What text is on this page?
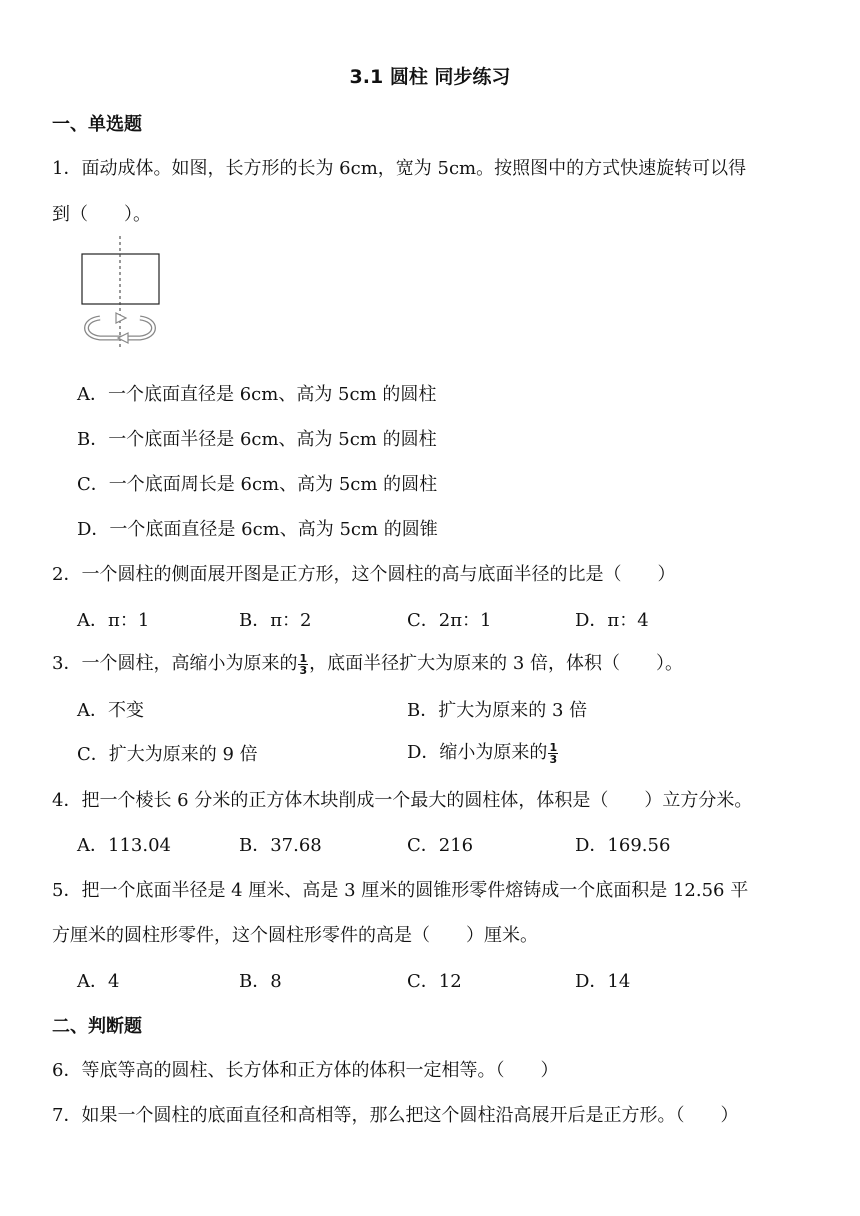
3.1 圆柱 同步练习
一、单选题
1．面动成体。如图，长方形的长为 6cm，宽为 5cm。按照图中的方式快速旋转可以得
到（　　）。
A．一个底面直径是 6cm、高为 5cm 的圆柱
B．一个底面半径是 6cm、高为 5cm 的圆柱
C．一个底面周长是 6cm、高为 5cm 的圆柱
D．一个底面直径是 6cm、高为 5cm 的圆锥
2．一个圆柱的侧面展开图是正方形，这个圆柱的高与底面半径的比是（　　）
A．π：1	B．π：2	C．2π：1	D．π：4
3．一个圆柱，高缩小为原来的 $\frac{1}{3}$ ，底面半径扩大为原来的 3 倍，体积（　　）。
A．不变	B．扩大为原来的 3 倍
C．扩大为原来的 9 倍	D．缩小为原来的 $\frac{1}{3}$
4．把一个棱长 6 分米的正方体木块削成一个最大的圆柱体，体积是（　　）立方分米。
A．113.04	B．37.68	C．216	D．169.56
5．把一个底面半径是 4 厘米、高是 3 厘米的圆锥形零件熔铸成一个底面积是 12.56 平
方厘米的圆柱形零件，这个圆柱形零件的高是（　　）厘米。
A．4	B．8	C．12	D．14
二、判断题
6．等底等高的圆柱、长方体和正方体的体积一定相等。（　　）
7．如果一个圆柱的底面直径和高相等，那么把这个圆柱沿高展开后是正方形。（　　）
